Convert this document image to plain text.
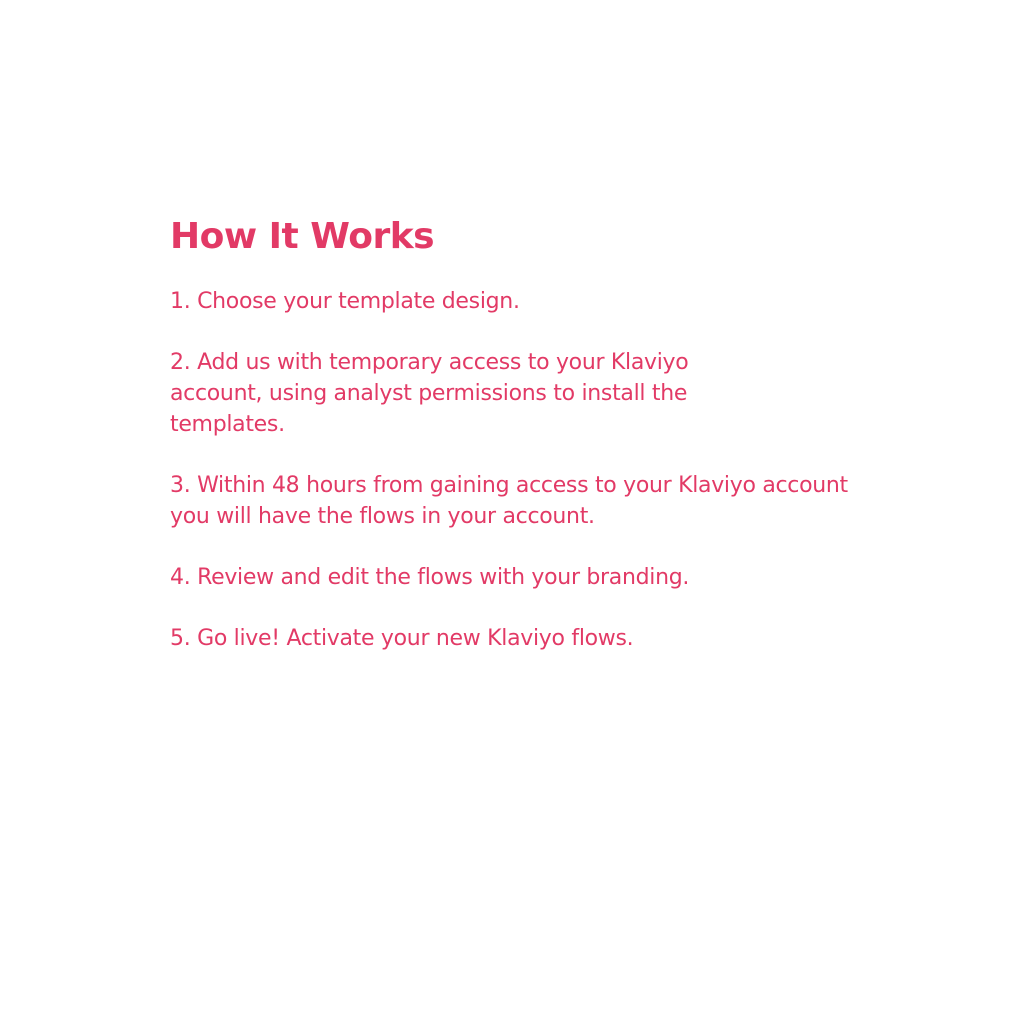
How It Works

1. Choose your template design.

2. Add us with temporary access to your Klaviyo
account, using analyst permissions to install the
templates.

3. Within 48 hours from gaining access to your Klaviyo account
you will have the flows in your account.

4. Review and edit the flows with your branding.

5. Go live! Activate your new Klaviyo flows.
